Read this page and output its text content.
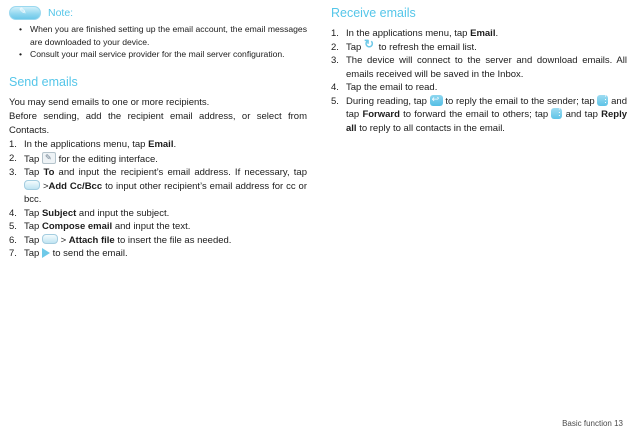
✎
Note:
• When you are finished setting up the email account, the email messages are downloaded to your device.
• Consult your mail service provider for the mail server configuration.
Send emails

You may send emails to one or more recipients.

Before sending, add the recipient email address, or select from Contacts.

In the applications menu, tap Email.
Tap ✎ for the editing interface.
Tap To and input the recipient’s email address. If necessary, tap  >Add Cc/Bcc to input other recipient’s email address for cc or bcc.
Tap Subject and input the subject.
Tap Compose email and input the text.
Tap  > Attach file to insert the file as needed.
Tap  to send the email.
Receive emails
In the applications menu, tap Email.
Tap ↻ to refresh the email list.
The device will connect to the server and download emails. All emails received will be saved in the Inbox.
Tap the email to read.
During reading, tap ↩ to reply the email to the sender; tap ⋮ and tap Forward to forward the email to others; tap ⋮ and tap Reply all to reply to all contacts in the email.
Basic function 13
